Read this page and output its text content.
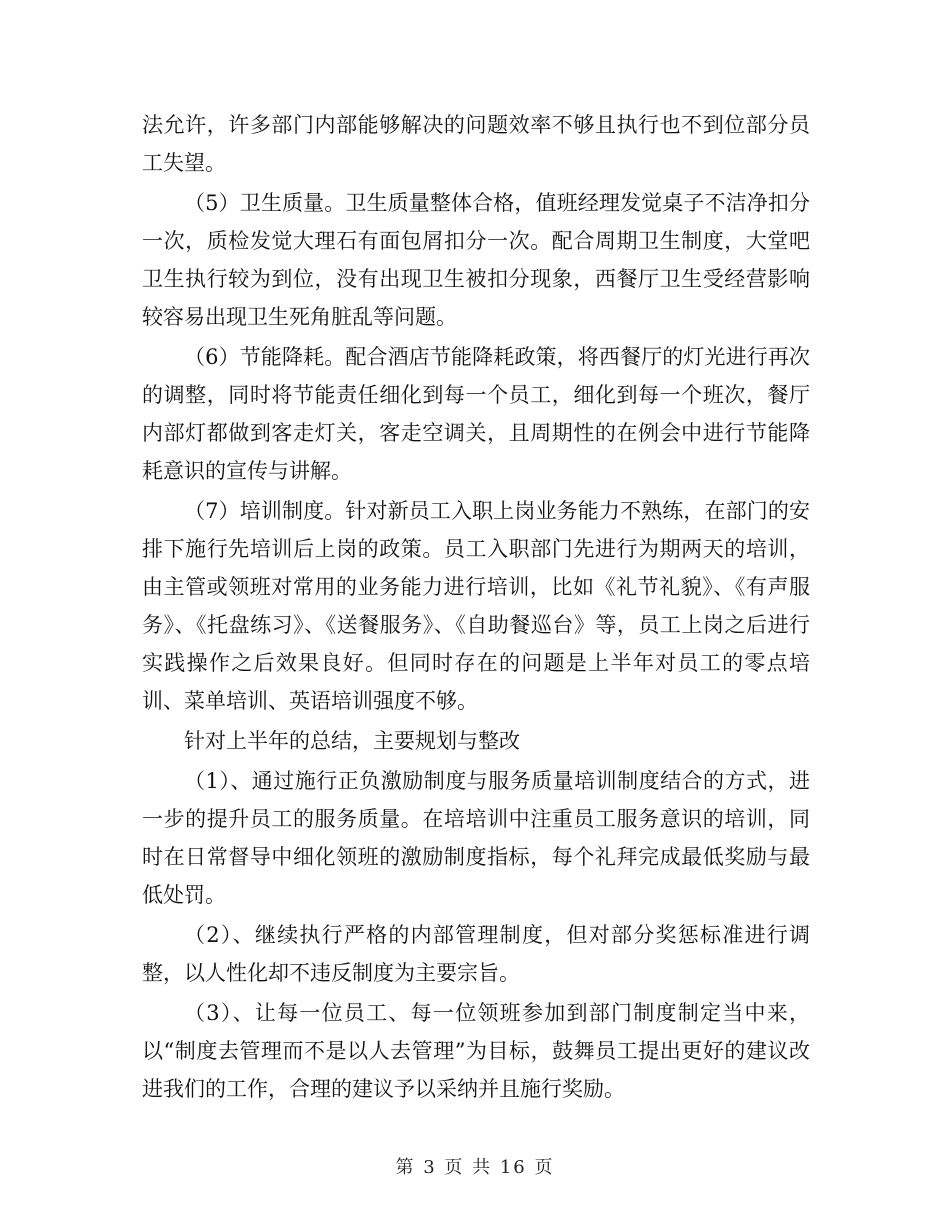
法允许，许多部门内部能够解决的问题效率不够且执行也不到位部分员工失望。

（5）卫生质量。卫生质量整体合格，值班经理发觉桌子不洁净扣分一次，质检发觉大理石有面包屑扣分一次。配合周期卫生制度，大堂吧卫生执行较为到位，没有出现卫生被扣分现象，西餐厅卫生受经营影响较容易出现卫生死角脏乱等问题。

（6）节能降耗。配合酒店节能降耗政策，将西餐厅的灯光进行再次的调整，同时将节能责任细化到每一个员工，细化到每一个班次，餐厅内部灯都做到客走灯关，客走空调关，且周期性的在例会中进行节能降耗意识的宣传与讲解。

（7）培训制度。针对新员工入职上岗业务能力不熟练，在部门的安排下施行先培训后上岗的政策。员工入职部门先进行为期两天的培训，由主管或领班对常用的业务能力进行培训，比如《礼节礼貌》、《有声服务》、《托盘练习》、《送餐服务》、《自助餐巡台》等，员工上岗之后进行实践操作之后效果良好。但同时存在的问题是上半年对员工的零点培训、菜单培训、英语培训强度不够。

针对上半年的总结，主要规划与整改

（1）、通过施行正负激励制度与服务质量培训制度结合的方式，进一步的提升员工的服务质量。在培培训中注重员工服务意识的培训，同时在日常督导中细化领班的激励制度指标，每个礼拜完成最低奖励与最低处罚。

（2）、继续执行严格的内部管理制度，但对部分奖惩标准进行调整，以人性化却不违反制度为主要宗旨。

（3）、让每一位员工、每一位领班参加到部门制度制定当中来，以“制度去管理而不是以人去管理”为目标，鼓舞员工提出更好的建议改进我们的工作，合理的建议予以采纳并且施行奖励。

第 3 页 共 16 页
